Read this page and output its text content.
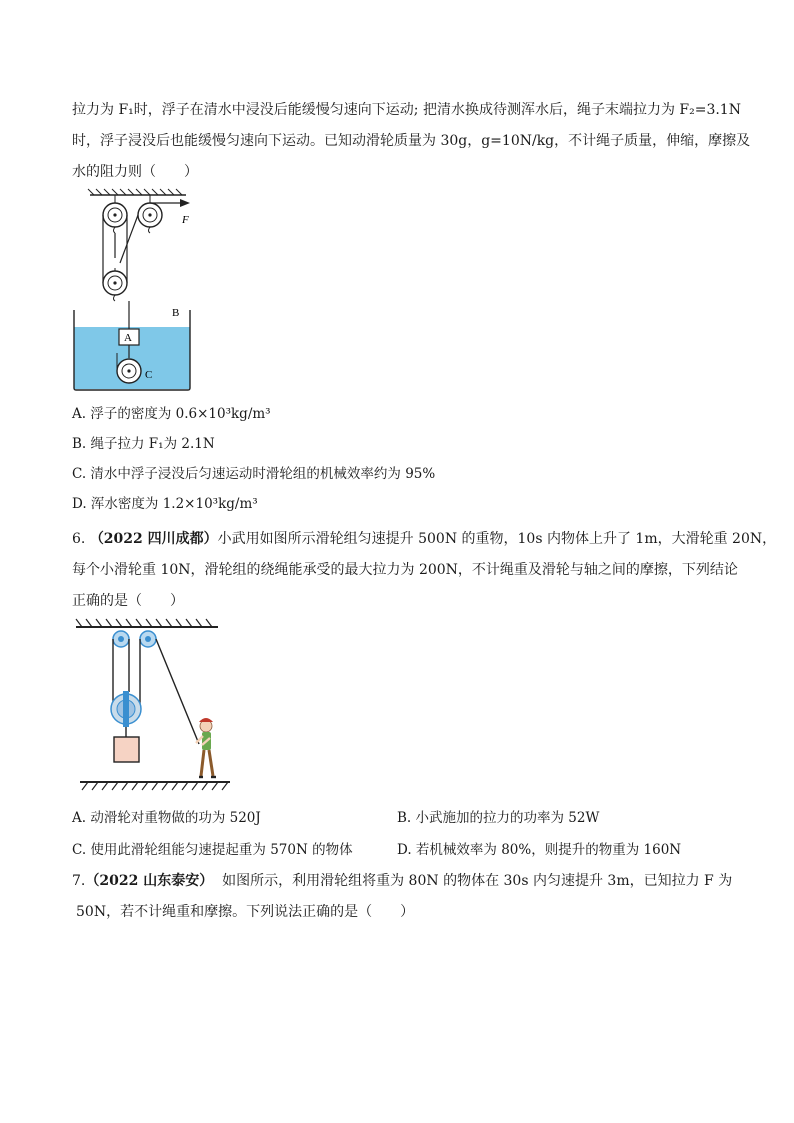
拉力为 F₁时，浮子在清水中浸没后能缓慢匀速向下运动; 把清水换成待测浑水后，绳子末端拉力为 F₂=3.1N
时，浮子浸没后也能缓慢匀速向下运动。已知动滑轮质量为 30g，g=10N/kg，不计绳子质量，伸缩，摩擦及
水的阻力则（　　）
F
B
A
C
A. 浮子的密度为 0.6×10³kg/m³
B. 绳子拉力 F₁为 2.1N
C. 清水中浮子浸没后匀速运动时滑轮组的机械效率约为 95%
D. 浑水密度为 1.2×10³kg/m³
6. （2022 四川成都）小武用如图所示滑轮组匀速提升 500N 的重物，10s 内物体上升了 1m，大滑轮重 20N，
每个小滑轮重 10N，滑轮组的绕绳能承受的最大拉力为 200N，不计绳重及滑轮与轴之间的摩擦，下列结论
正确的是（　　）
A. 动滑轮对重物做的功为 520J	B. 小武施加的拉力的功率为 52W
C. 使用此滑轮组能匀速提起重为 570N 的物体	D. 若机械效率为 80%，则提升的物重为 160N
7.（2022 山东泰安） 如图所示，利用滑轮组将重为 80N 的物体在 30s 内匀速提升 3m，已知拉力 F 为
50N，若不计绳重和摩擦。下列说法正确的是（　　）
